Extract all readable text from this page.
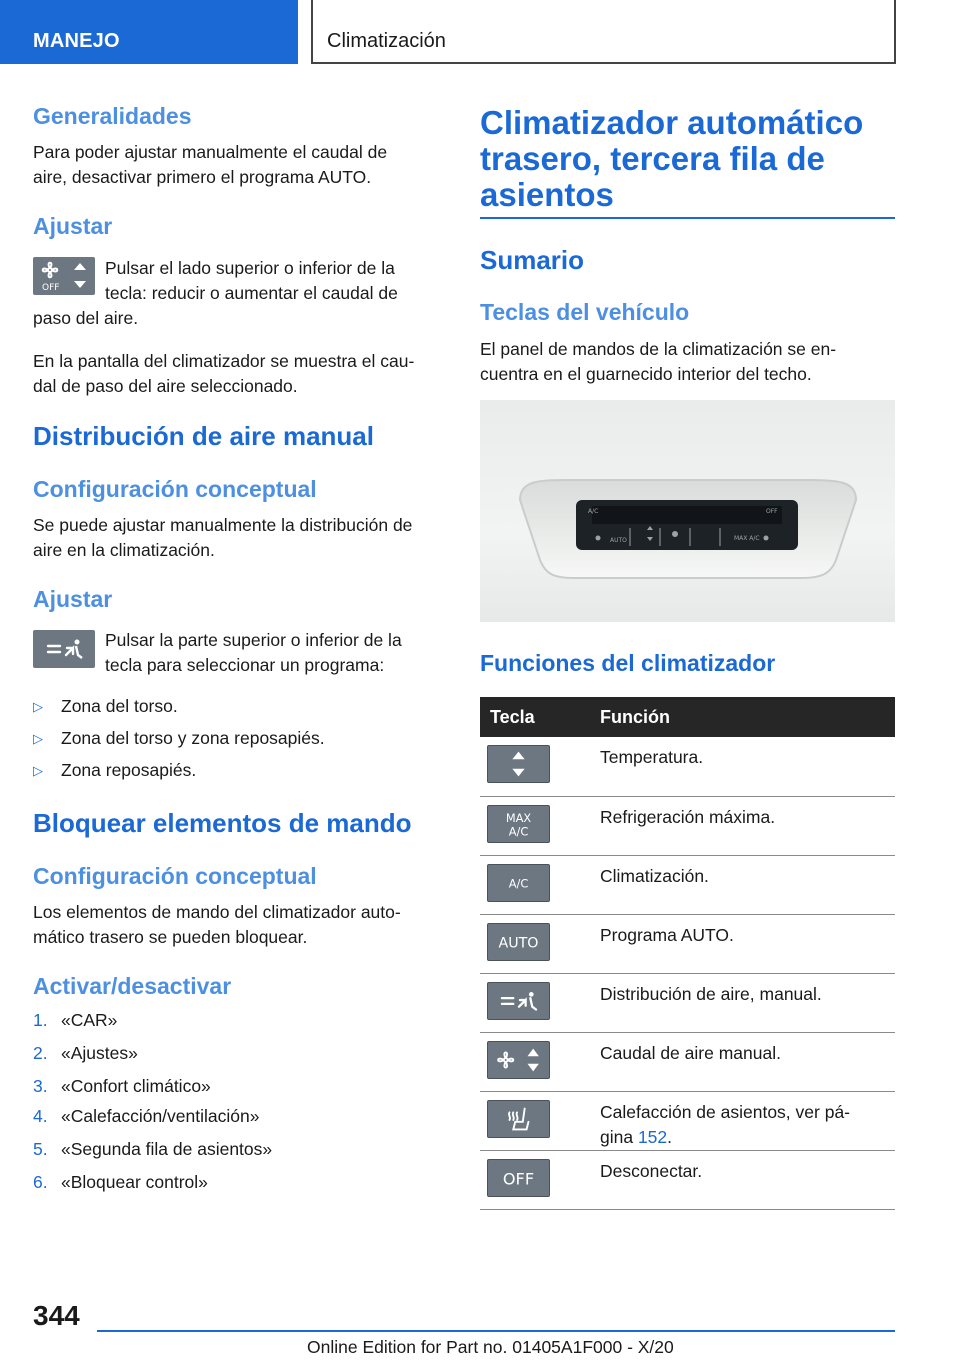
MANEJO	Climatización
Generalidades
Para poder ajustar manualmente el caudal de
aire, desactivar primero el programa AUTO.
Ajustar
OFF
Pulsar el lado superior o inferior de la
tecla: reducir o aumentar el caudal de
paso del aire.
En la pantalla del climatizador se muestra el cau-
dal de paso del aire seleccionado.
Distribución de aire manual
Configuración conceptual
Se puede ajustar manualmente la distribución de
aire en la climatización.
Ajustar
Pulsar la parte superior o inferior de la
tecla para seleccionar un programa:
▷ Zona del torso.
▷ Zona del torso y zona reposapiés.
▷ Zona reposapiés.
Bloquear elementos de mando
Configuración conceptual
Los elementos de mando del climatizador auto-
mático trasero se pueden bloquear.
Activar/desactivar
1. «CAR»
2. «Ajustes»
3. «Confort climático»
4. «Calefacción/ventilación»
5. «Segunda fila de asientos»
6. «Bloquear control»
Climatizador automático
trasero, tercera fila de
asientos
Sumario
Teclas del vehículo
El panel de mandos de la climatización se en-
cuentra en el guarnecido interior del techo.
A/C	OFF
AUTO	MAX A/C
Funciones del climatizador
Tecla	Función

	Temperatura.

MAX
A/C	Refrigeración máxima.

A/C	Climatización.

AUTO	Programa AUTO.

	Distribución de aire, manual.

	Caudal de aire manual.

	Calefacción de asientos, ver pá-
gina 152.

OFF	Desconectar.
344
Online Edition for Part no. 01405A1F000 - X/20
